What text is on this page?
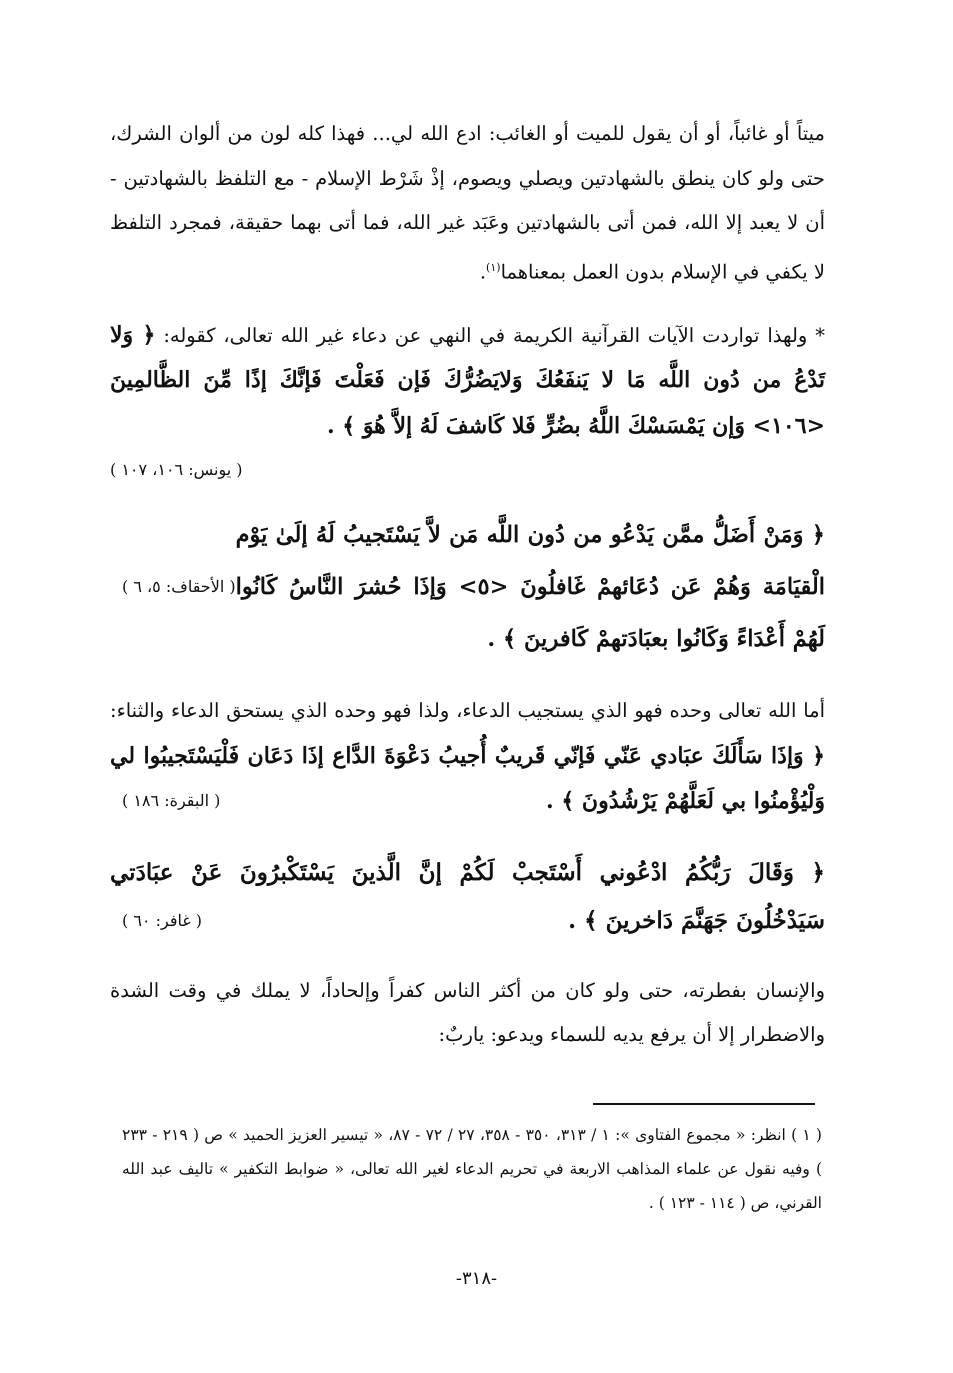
ميتاً أو غائباً، أو أن يقول للميت أو الغائب: ادع الله لي... فهذا كله لون من ألوان الشرك، حتى ولو كان ينطق بالشهادتين ويصلي ويصوم، إذْ شَرْط الإسلام - مع التلفظ بالشهادتين - أن لا يعبد إلا الله، فمن أتى بالشهادتين وعَبَد غير الله، فما أتى بهما حقيقة، فمجرد التلفظ لا يكفي في الإسلام بدون العمل بمعناهما$^{(١)}$.

* ولهذا تواردت الآيات القرآنية الكريمة في النهي عن دعاء غير الله تعالى، كقوله: ﴿ وَلا تَدْعُ من دُون اللَّه مَا لا يَنفَعُكَ وَلايَضُرُّكَ فَإن فَعَلْتَ فَإنَّكَ إذًا مِّنَ الظَّالمِينَ <١٠٦> وَإن يَمْسَسْكَ اللَّهُ بضُرٍّ فَلا كَاشفَ لَهُ إلاَّ هُوَ ﴾ .

( يونس: ١٠٦، ١٠٧ )

( الأحقاف: ٥، ٦ )
﴿ وَمَنْ أَضَلُّ ممَّن يَدْعُو من دُون اللَّه مَن لاَّ يَسْتَجيبُ لَهُ إلَىٰ يَوْم الْقيَامَة وَهُمْ عَن دُعَائهمْ غَافلُونَ <٥> وَإذَا حُشرَ النَّاسُ كَانُوا لَهُمْ أَعْدَاءً وَكَانُوا بعبَادَتهمْ كَافرينَ ﴾ .

أما الله تعالى وحده فهو الذي يستجيب الدعاء، ولذا فهو وحده الذي يستحق الدعاء والثناء: ﴿ وَإذَا سَأَلَكَ عبَادي عَنّي فَإنّي قَريبٌ أُجيبُ دَعْوَةَ الدَّاع إذَا دَعَان فَلْيَسْتَجيبُوا لي وَلْيُؤْمنُوا بي لَعَلَّهُمْ يَرْشُدُونَ ﴾ .
( البقرة: ١٨٦ )

﴿ وَقَالَ رَبُّكُمُ ادْعُوني أَسْتَجبْ لَكُمْ إنَّ الَّذينَ يَسْتَكْبرُونَ عَنْ عبَادَتي سَيَدْخُلُونَ جَهَنَّمَ دَاخرينَ ﴾ .
( غافر: ٦٠ )

والإنسان بفطرته، حتى ولو كان من أكثر الناس كفراً وإلحاداً، لا يملك في وقت الشدة والاضطرار إلا أن يرفع يديه للسماء ويدعو: ياربٌ:

( ١ ) انظر: « مجموع الفتاوى »: ١ / ٣١٣، ٣٥٠ - ٣٥٨، ٢٧ / ٧٢ - ٨٧، « تيسير العزيز الحميد » ص ( ٢١٩ - ٢٣٣ ) وفيه نقول عن علماء المذاهب الاربعة في تحريم الدعاء لغير الله تعالى، « ضوابط التكفير » تاليف عبد الله القرني، ص ( ١١٤ - ١٢٣ ) .
-٣١٨-
